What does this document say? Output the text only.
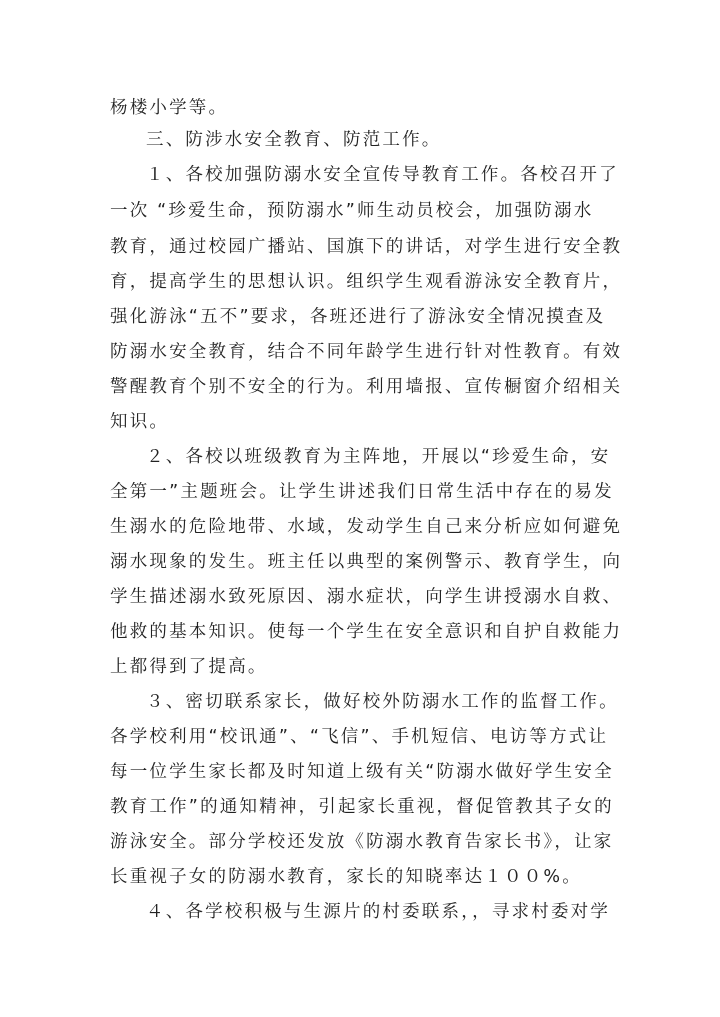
杨楼小学等。
三、防涉水安全教育、防范工作。
１、各校加强防溺水安全宣传导教育工作。各校召开了
一次 “珍爱生命，预防溺水”师生动员校会，加强防溺水
教育，通过校园广播站、国旗下的讲话，对学生进行安全教
育，提高学生的思想认识。组织学生观看游泳安全教育片，
强化游泳“五不”要求，各班还进行了游泳安全情况摸查及
防溺水安全教育，结合不同年龄学生进行针对性教育。有效
警醒教育个别不安全的行为。利用墙报、宣传橱窗介绍相关
知识。
２、各校以班级教育为主阵地，开展以“珍爱生命，安
全第一”主题班会。让学生讲述我们日常生活中存在的易发
生溺水的危险地带、水域，发动学生自己来分析应如何避免
溺水现象的发生。班主任以典型的案例警示、教育学生，向
学生描述溺水致死原因、溺水症状，向学生讲授溺水自救、
他救的基本知识。使每一个学生在安全意识和自护自救能力
上都得到了提高。
３、密切联系家长，做好校外防溺水工作的监督工作。
各学校利用“校讯通”、“飞信”、手机短信、电访等方式让
每一位学生家长都及时知道上级有关“防溺水做好学生安全
教育工作”的通知精神，引起家长重视，督促管教其子女的
游泳安全。部分学校还发放《防溺水教育告家长书》，让家
长重视子女的防溺水教育，家长的知晓率达１００%。
４、各学校积极与生源片的村委联系，，寻求村委对学
